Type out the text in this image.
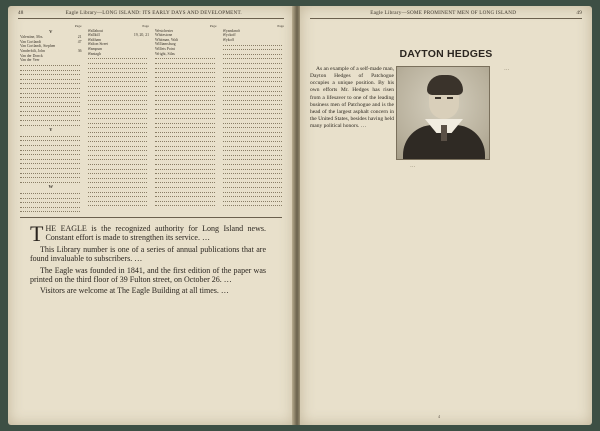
48	Eagle Library—LONG ISLAND: ITS EARLY DAYS AND DEVELOPMENT.
Page
V
Valentine, Mrs.	21
Van Cortlandt	47
Van Cortlandt, Stephen
Vanderbilt, John	36
Van der Donck
Van der Veer
Y
W
Page
Wallabout
Wallkill	19, 20, 21
Waltham
Walton Street
Wampum
Wantagh
Page
Westchester
Whitestone
Whitman, Walt
Williamsburg
Willets Point
Wright, Silas
Page
Wyandanch
Wyckoff
Wykoff
T HE EAGLE is the recognized authority for Long Island news. Constant effort is made to strengthen its service. …

This Library number is one of a series of annual publications that are found invaluable to subscribers. …

The Eagle was founded in 1841, and the first edition of the paper was printed on the third floor of 39 Fulton street, on October 26. …

Visitors are welcome at The Eagle Building at all times. …

Eagle Library—SOME PROMINENT MEN OF LONG ISLAND	49
DAYTON HEDGES

As an example of a self-made man, Dayton Hedges of Patchogue occupies a unique position. By his own efforts Mr. Hedges has risen from a lifesaver to one of the leading business men of Patchogue and is the head of the largest asphalt concern in the United States, besides having held many political honors. …

…

…

4
